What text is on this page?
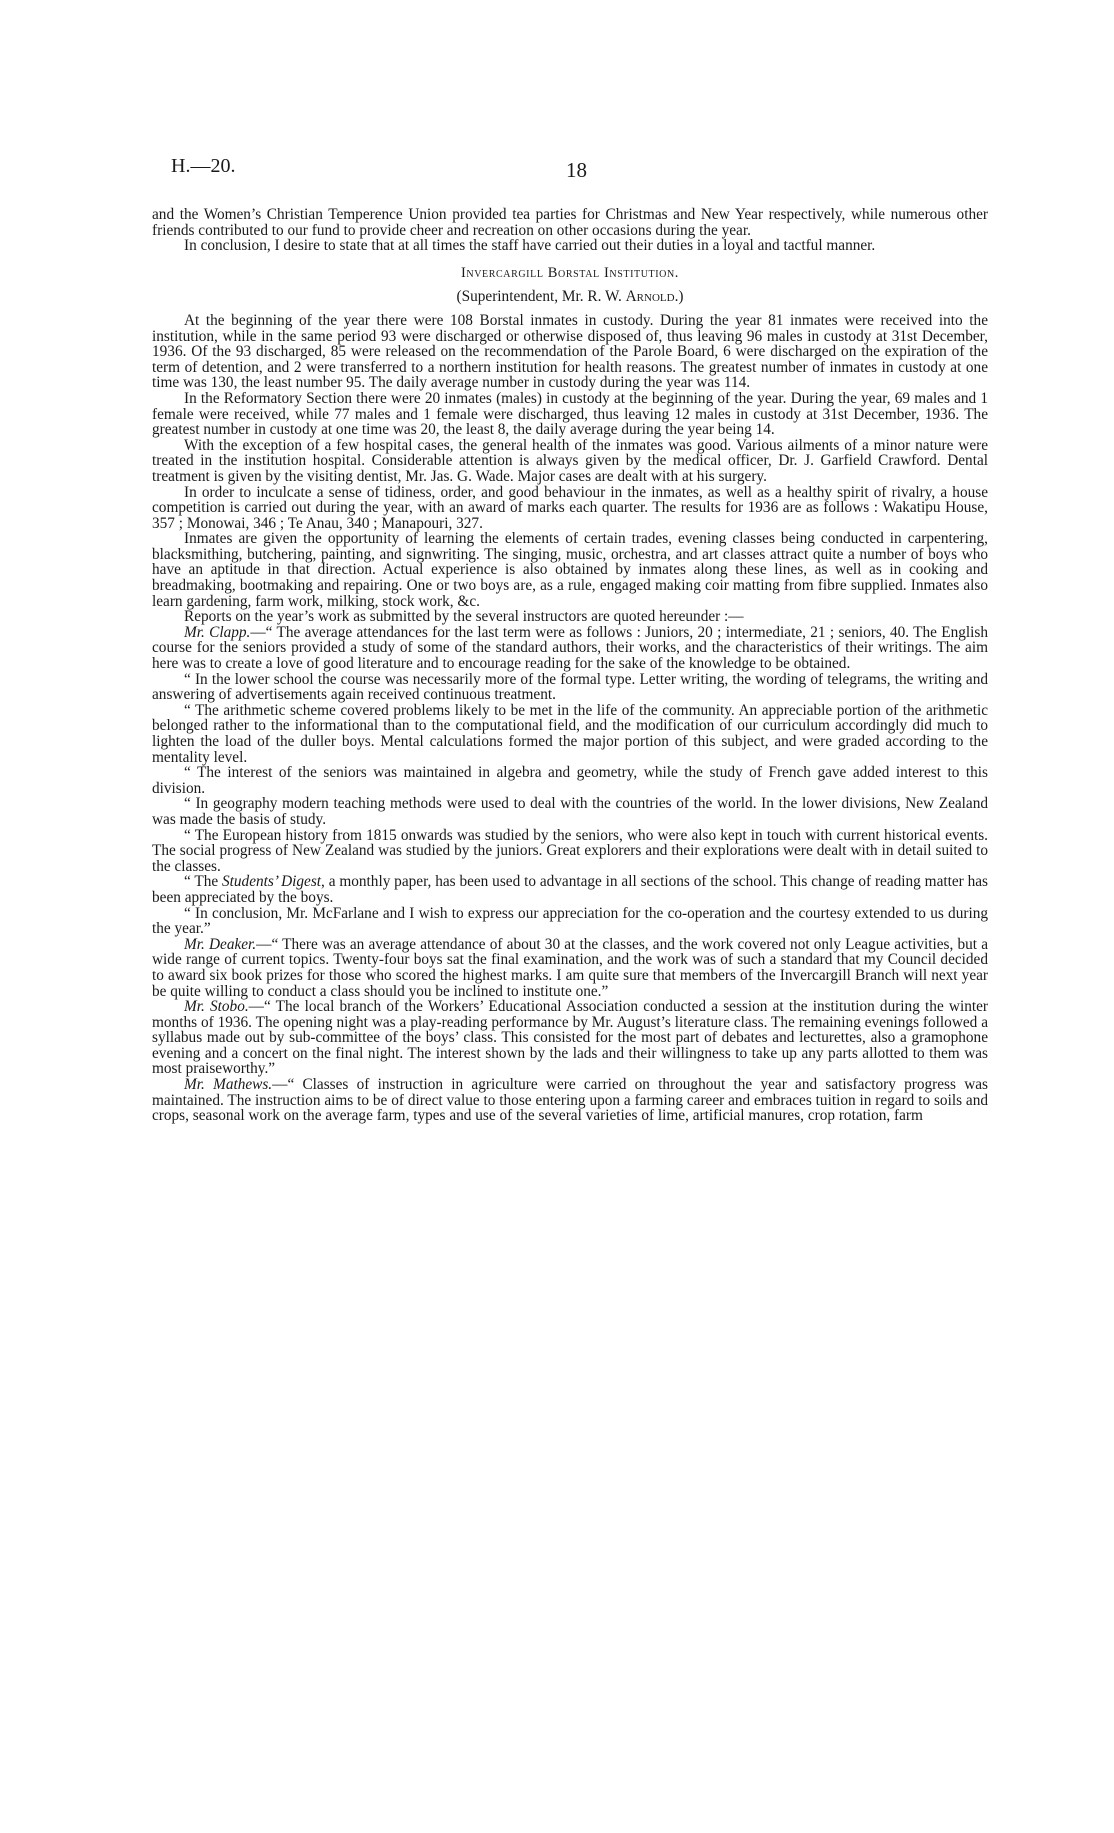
H.—20.	18

and the Women’s Christian Temperence Union provided tea parties for Christmas and New Year respectively, while numerous other friends contributed to our fund to provide cheer and recreation on other occasions during the year.

In conclusion, I desire to state that at all times the staff have carried out their duties in a loyal and tactful manner.

Invercargill Borstal Institution.
(Superintendent, Mr. R. W. Arnold.)

At the beginning of the year there were 108 Borstal inmates in custody. During the year 81 inmates were received into the institution, while in the same period 93 were discharged or otherwise disposed of, thus leaving 96 males in custody at 31st December, 1936. Of the 93 discharged, 85 were released on the recommendation of the Parole Board, 6 were discharged on the expiration of the term of detention, and 2 were transferred to a northern institution for health reasons. The greatest number of inmates in custody at one time was 130, the least number 95. The daily average number in custody during the year was 114.

In the Reformatory Section there were 20 inmates (males) in custody at the beginning of the year. During the year, 69 males and 1 female were received, while 77 males and 1 female were discharged, thus leaving 12 males in custody at 31st December, 1936. The greatest number in custody at one time was 20, the least 8, the daily average during the year being 14.

With the exception of a few hospital cases, the general health of the inmates was good. Various ailments of a minor nature were treated in the institution hospital. Considerable attention is always given by the medical officer, Dr. J. Garfield Crawford. Dental treatment is given by the visiting dentist, Mr. Jas. G. Wade. Major cases are dealt with at his surgery.

In order to inculcate a sense of tidiness, order, and good behaviour in the inmates, as well as a healthy spirit of rivalry, a house competition is carried out during the year, with an award of marks each quarter. The results for 1936 are as follows : Wakatipu House, 357 ; Monowai, 346 ; Te Anau, 340 ; Manapouri, 327.

Inmates are given the opportunity of learning the elements of certain trades, evening classes being conducted in carpentering, blacksmithing, butchering, painting, and signwriting. The singing, music, orchestra, and art classes attract quite a number of boys who have an aptitude in that direction. Actual experience is also obtained by inmates along these lines, as well as in cooking and breadmaking, bootmaking and repairing. One or two boys are, as a rule, engaged making coir matting from fibre supplied. Inmates also learn gardening, farm work, milking, stock work, &c.

Reports on the year’s work as submitted by the several instructors are quoted hereunder :—

Mr. Clapp.—“ The average attendances for the last term were as follows : Juniors, 20 ; intermediate, 21 ; seniors, 40. The English course for the seniors provided a study of some of the standard authors, their works, and the characteristics of their writings. The aim here was to create a love of good literature and to encourage reading for the sake of the knowledge to be obtained.

“ In the lower school the course was necessarily more of the formal type. Letter writing, the wording of telegrams, the writing and answering of advertisements again received continuous treatment.

“ The arithmetic scheme covered problems likely to be met in the life of the community. An appreciable portion of the arithmetic belonged rather to the informational than to the computational field, and the modification of our curriculum accordingly did much to lighten the load of the duller boys. Mental calculations formed the major portion of this subject, and were graded according to the mentality level.

“ The interest of the seniors was maintained in algebra and geometry, while the study of French gave added interest to this division.

“ In geography modern teaching methods were used to deal with the countries of the world. In the lower divisions, New Zealand was made the basis of study.

“ The European history from 1815 onwards was studied by the seniors, who were also kept in touch with current historical events. The social progress of New Zealand was studied by the juniors. Great explorers and their explorations were dealt with in detail suited to the classes.

“ The Students’ Digest, a monthly paper, has been used to advantage in all sections of the school. This change of reading matter has been appreciated by the boys.

“ In conclusion, Mr. McFarlane and I wish to express our appreciation for the co-operation and the courtesy extended to us during the year.”

Mr. Deaker.—“ There was an average attendance of about 30 at the classes, and the work covered not only League activities, but a wide range of current topics. Twenty-four boys sat the final examination, and the work was of such a standard that my Council decided to award six book prizes for those who scored the highest marks. I am quite sure that members of the Invercargill Branch will next year be quite willing to conduct a class should you be inclined to institute one.”

Mr. Stobo.—“ The local branch of the Workers’ Educational Association conducted a session at the institution during the winter months of 1936. The opening night was a play-reading performance by Mr. August’s literature class. The remaining evenings followed a syllabus made out by sub-committee of the boys’ class. This consisted for the most part of debates and lecturettes, also a gramophone evening and a concert on the final night. The interest shown by the lads and their willingness to take up any parts allotted to them was most praiseworthy.”

Mr. Mathews.—“ Classes of instruction in agriculture were carried on throughout the year and satisfactory progress was maintained. The instruction aims to be of direct value to those entering upon a farming career and embraces tuition in regard to soils and crops, seasonal work on the average farm, types and use of the several varieties of lime, artificial manures, crop rotation, farm
